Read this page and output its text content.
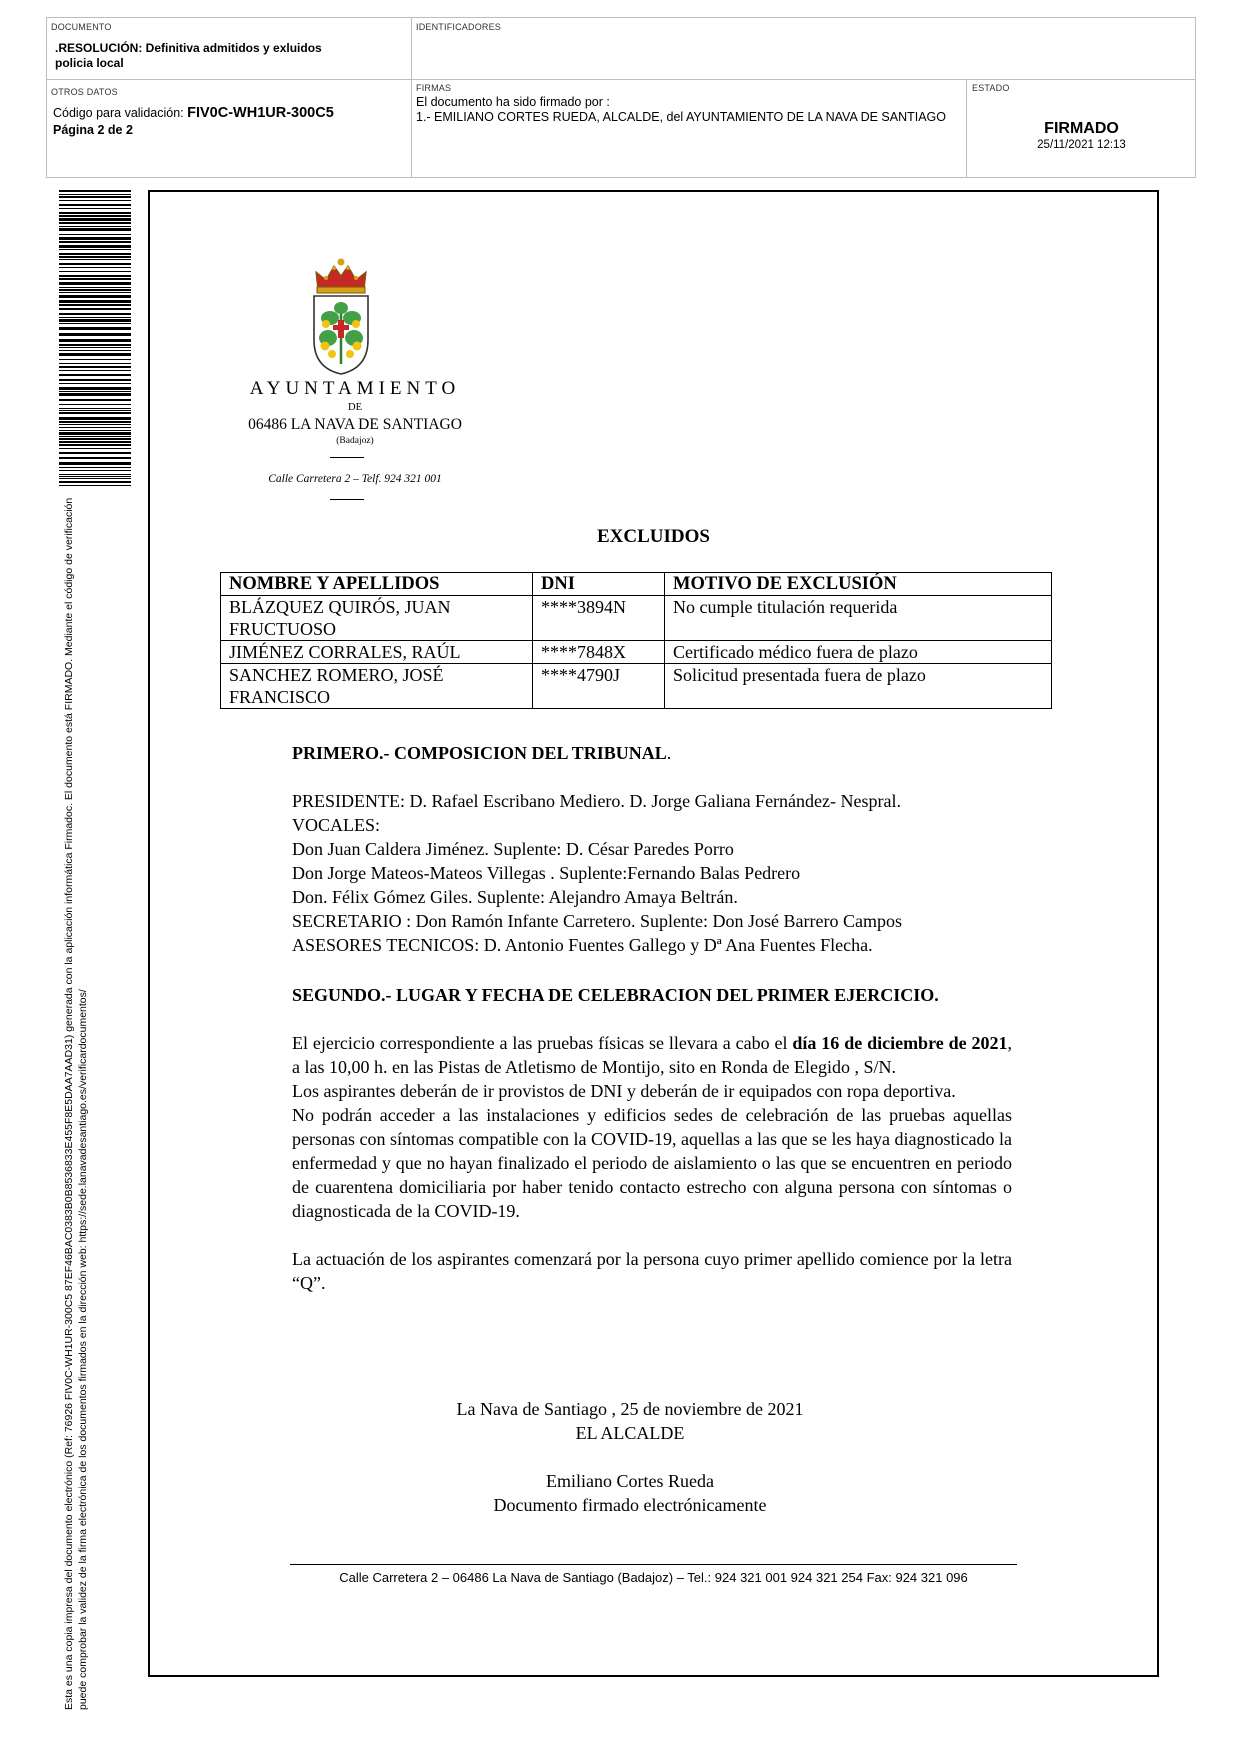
DOCUMENTO
.RESOLUCIÓN: Definitiva admitidos y exluidos
policia local
IDENTIFICADORES
OTROS DATOS
Código para validación: FIV0C-WH1UR-300C5
Página 2 de 2
FIRMAS
El documento ha sido firmado por :
1.- EMILIANO CORTES RUEDA, ALCALDE, del AYUNTAMIENTO DE LA NAVA DE SANTIAGO
ESTADO
FIRMADO
25/11/2021 12:13
Esta es una copia impresa del documento electrónico (Ref: 76926 FIV0C-WH1UR-300C5 87EF46BAC0383B0B8536833E455F8E5DAA7AAD31) generada con la aplicación informática Firmadoc. El documento está FIRMADO. Mediante el código de verificación puede comprobar la validez de la firma electrónica de los documentos firmados en la dirección web: https://sede.lanavadesantiago.es/verificardocumentos/
AYUNTAMIENTO
DE
06486 LA NAVA DE SANTIAGO
(Badajoz)
Calle Carretera 2 – Telf. 924 321 001
EXCLUIDOS
NOMBRE Y APELLIDOS	DNI	MOTIVO DE EXCLUSIÓN

BLÁZQUEZ QUIRÓS, JUAN
FRUCTUOSO	****3894N	No cumple titulación requerida

JIMÉNEZ CORRALES, RAÚL	****7848X	Certificado médico fuera de plazo

SANCHEZ ROMERO, JOSÉ
FRANCISCO	****4790J	Solicitud presentada fuera de plazo

PRIMERO.- COMPOSICION DEL TRIBUNAL.

PRESIDENTE: D. Rafael Escribano Mediero. D. Jorge Galiana Fernández- Nespral.

VOCALES:

Don Juan Caldera Jiménez. Suplente: D. César Paredes Porro

Don Jorge Mateos-Mateos Villegas . Suplente:Fernando Balas Pedrero

Don. Félix Gómez Giles. Suplente: Alejandro Amaya Beltrán.

SECRETARIO : Don Ramón Infante Carretero. Suplente: Don José Barrero Campos

ASESORES TECNICOS: D. Antonio Fuentes Gallego y Dª Ana Fuentes Flecha.

SEGUNDO.- LUGAR Y FECHA DE CELEBRACION DEL PRIMER EJERCICIO.

El ejercicio correspondiente a las pruebas físicas se llevara a cabo el día 16 de diciembre de 2021, a las 10,00 h. en las Pistas de Atletismo de Montijo, sito en Ronda de Elegido , S/N.

Los aspirantes deberán de ir provistos de DNI y deberán de ir equipados con ropa deportiva.

No podrán acceder a las instalaciones y edificios sedes de celebración de las pruebas aquellas personas con síntomas compatible con la COVID-19, aquellas a las que se les haya diagnosticado la enfermedad y que no hayan finalizado el periodo de aislamiento o las que se encuentren en periodo de cuarentena domiciliaria por haber tenido contacto estrecho con alguna persona con síntomas o diagnosticada de la COVID-19.

La actuación de los aspirantes comenzará por la persona cuyo primer apellido comience por la letra “Q”.

La Nava de Santiago , 25 de noviembre de 2021
EL ALCALDE
Emiliano Cortes Rueda
Documento firmado electrónicamente
Calle Carretera 2 – 06486 La Nava de Santiago (Badajoz) – Tel.: 924 321 001 924 321 254 Fax: 924 321 096
